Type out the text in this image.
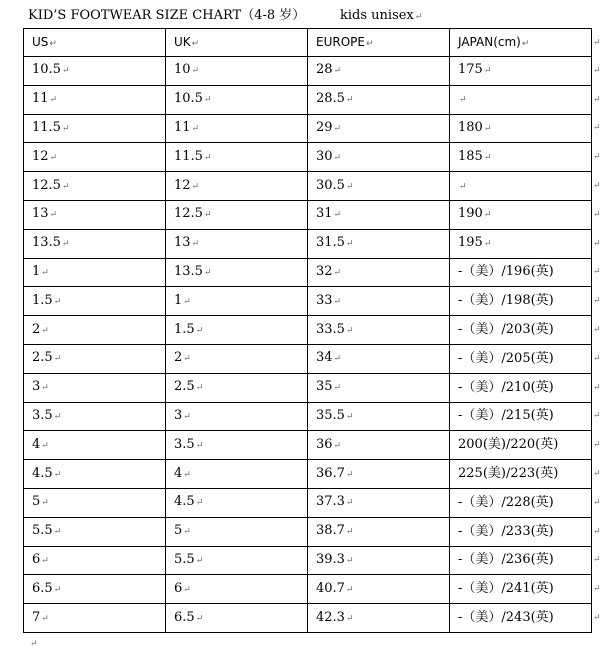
KID’S FOOTWEAR SIZE CHART（4-8 岁）	kids unisex↵
US↵	UK↵	EUROPE↵	JAPAN(cm)↵
10.5↵	10↵	28↵	175↵
11↵	10.5↵	28.5↵	↵
11.5↵	11↵	29↵	180↵
12↵	11.5↵	30↵	185↵
12.5↵	12↵	30.5↵	↵
13↵	12.5↵	31↵	190↵
13.5↵	13↵	31.5↵	195↵
1↵	13.5↵	32↵	-（美）/196(英)
1.5↵	1↵	33↵	-（美）/198(英)
2↵	1.5↵	33.5↵	-（美）/203(英)
2.5↵	2↵	34↵	-（美）/205(英)
3↵	2.5↵	35↵	-（美）/210(英)
3.5↵	3↵	35.5↵	-（美）/215(英)
4↵	3.5↵	36↵	200(美)/220(英)
4.5↵	4↵	36.7↵	225(美)/223(英)
5↵	4.5↵	37.3↵	-（美）/228(英)
5.5↵	5↵	38.7↵	-（美）/233(英)
6↵	5.5↵	39.3↵	-（美）/236(英)
6.5↵	6↵	40.7↵	-（美）/241(英)
7↵	6.5↵	42.3↵	-（美）/243(英)
↵
↵
↵
↵
↵
↵
↵
↵
↵
↵
↵
↵
↵
↵
↵
↵
↵
↵
↵
↵
↵
↵
